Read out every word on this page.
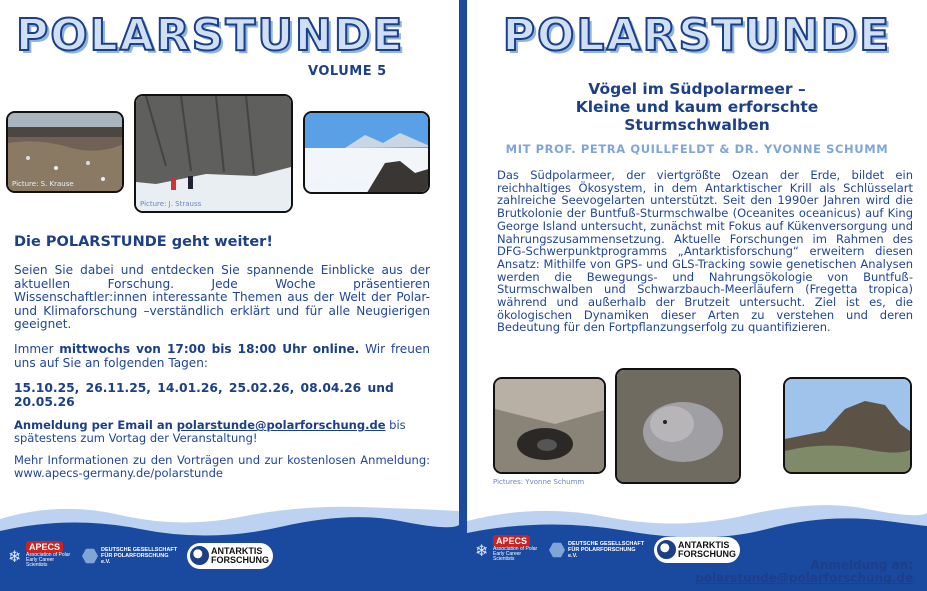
POLARSTUNDE
VOLUME 5
Picture: S. Krause
Picture: J. Strauss
Picture: C. Bubbe
Die POLARSTUNDE geht weiter!
Seien Sie dabei und entdecken Sie spannende Einblicke aus der aktuellen Forschung. Jede Woche präsentieren Wissenschaftler:innen interessante Themen aus der Welt der Polar- und Klimaforschung –verständlich erklärt und für alle Neugierigen geeignet.
Immer mittwochs von 17:00 bis 18:00 Uhr online. Wir freuen uns auf Sie an folgenden Tagen:
15.10.25, 26.11.25, 14.01.26, 25.02.26, 08.04.26 und 20.05.26
Anmeldung per Email an polarstunde@polarforschung.de bis spätestens zum Vortag der Veranstaltung!
Mehr Informationen zu den Vorträgen und zur kostenlosen Anmeldung: www.apecs-germany.de/polarstunde
❄ APECS
Association of Polar Early Career Scientists
DEUTSCHE GESELLSCHAFT FÜR POLARFORSCHUNG e.V.
ANTARKTIS FORSCHUNG
POLARSTUNDE
Vögel im Südpolarmeer –
Kleine und kaum erforschte
Sturmschwalben
MIT PROF. PETRA QUILLFELDT & DR. YVONNE SCHUMM
Das Südpolarmeer, der viertgrößte Ozean der Erde, bildet ein reichhaltiges Ökosystem, in dem Antarktischer Krill als Schlüsselart zahlreiche Seevogelarten unterstützt. Seit den 1990er Jahren wird die Brutkolonie der Buntfuß-Sturmschwalbe (Oceanites oceanicus) auf King George Island untersucht, zunächst mit Fokus auf Kükenversorgung und Nahrungszusammensetzung. Aktuelle Forschungen im Rahmen des DFG-Schwerpunktprogramms „Antarktisforschung“ erweitern diesen Ansatz: Mithilfe von GPS- und GLS-Tracking sowie genetischen Analysen werden die Bewegungs- und Nahrungsökologie von Buntfuß-Sturmschwalben und Schwarzbauch-Meerläufern (Fregetta tropica) während und außerhalb der Brutzeit untersucht. Ziel ist es, die ökologischen Dynamiken dieser Arten zu verstehen und deren Bedeutung für den Fortpflanzungserfolg zu quantifizieren.
Pictures: Yvonne Schumm	Mi, 15.10.2025
17:00 - 18:00
❄ APECS
Association of Polar Early Career Scientists
DEUTSCHE GESELLSCHAFT FÜR POLARFORSCHUNG e.V.
ANTARKTIS FORSCHUNG
Anmeldung an:
polarstunde@polarforschung.de
